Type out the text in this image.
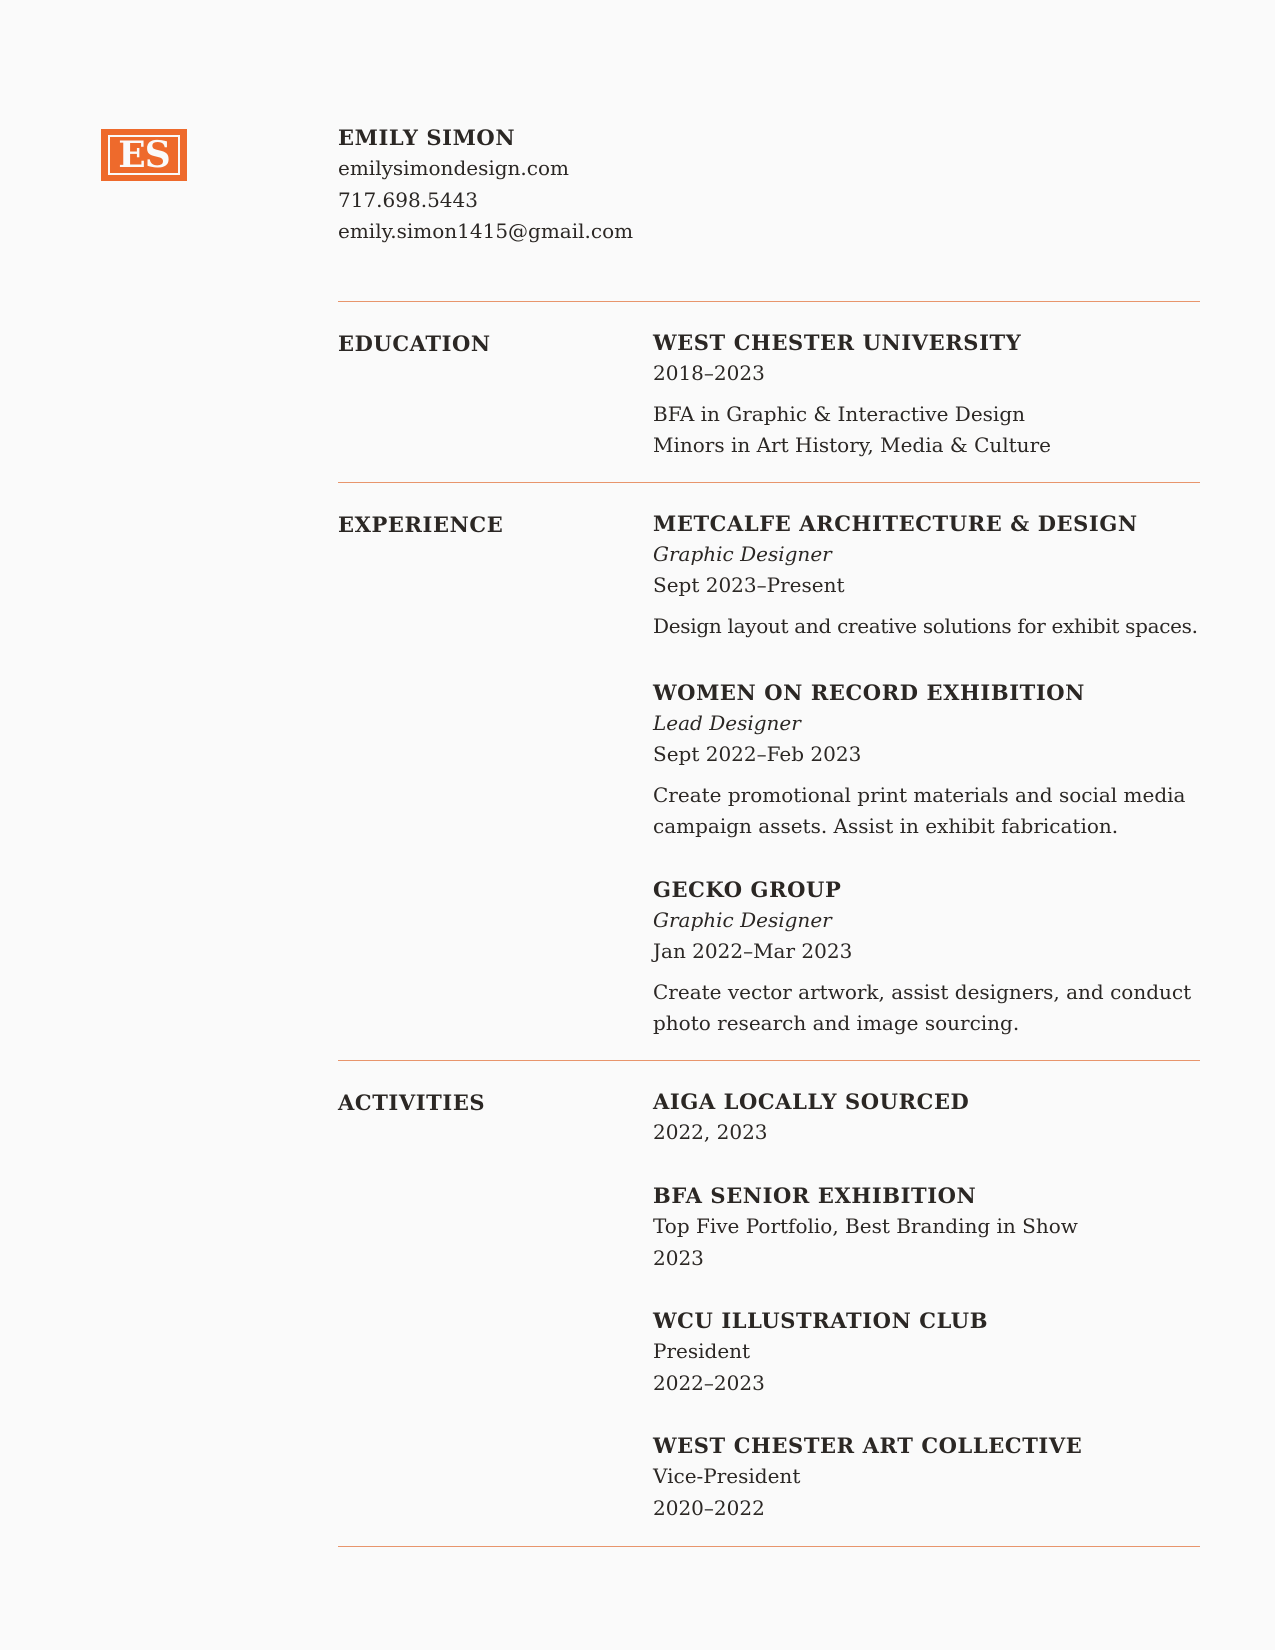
ES	EMILY SIMON
emilysimondesign.com
717.698.5443
emily.simon1415@gmail.com
EDUCATION	WEST CHESTER UNIVERSITY
2018–2023
BFA in Graphic & Interactive Design
Minors in Art History, Media & Culture
EXPERIENCE	METCALFE ARCHITECTURE & DESIGN
Graphic Designer
Sept 2023–Present
Design layout and creative solutions for exhibit spaces.
WOMEN ON RECORD EXHIBITION
Lead Designer
Sept 2022–Feb 2023
Create promotional print materials and social media
campaign assets. Assist in exhibit fabrication.
GECKO GROUP
Graphic Designer
Jan 2022–Mar 2023
Create vector artwork, assist designers, and conduct
photo research and image sourcing.
ACTIVITIES	AIGA LOCALLY SOURCED
2022, 2023
BFA SENIOR EXHIBITION
Top Five Portfolio, Best Branding in Show
2023
WCU ILLUSTRATION CLUB
President
2022–2023
WEST CHESTER ART COLLECTIVE
Vice-President
2020–2022
